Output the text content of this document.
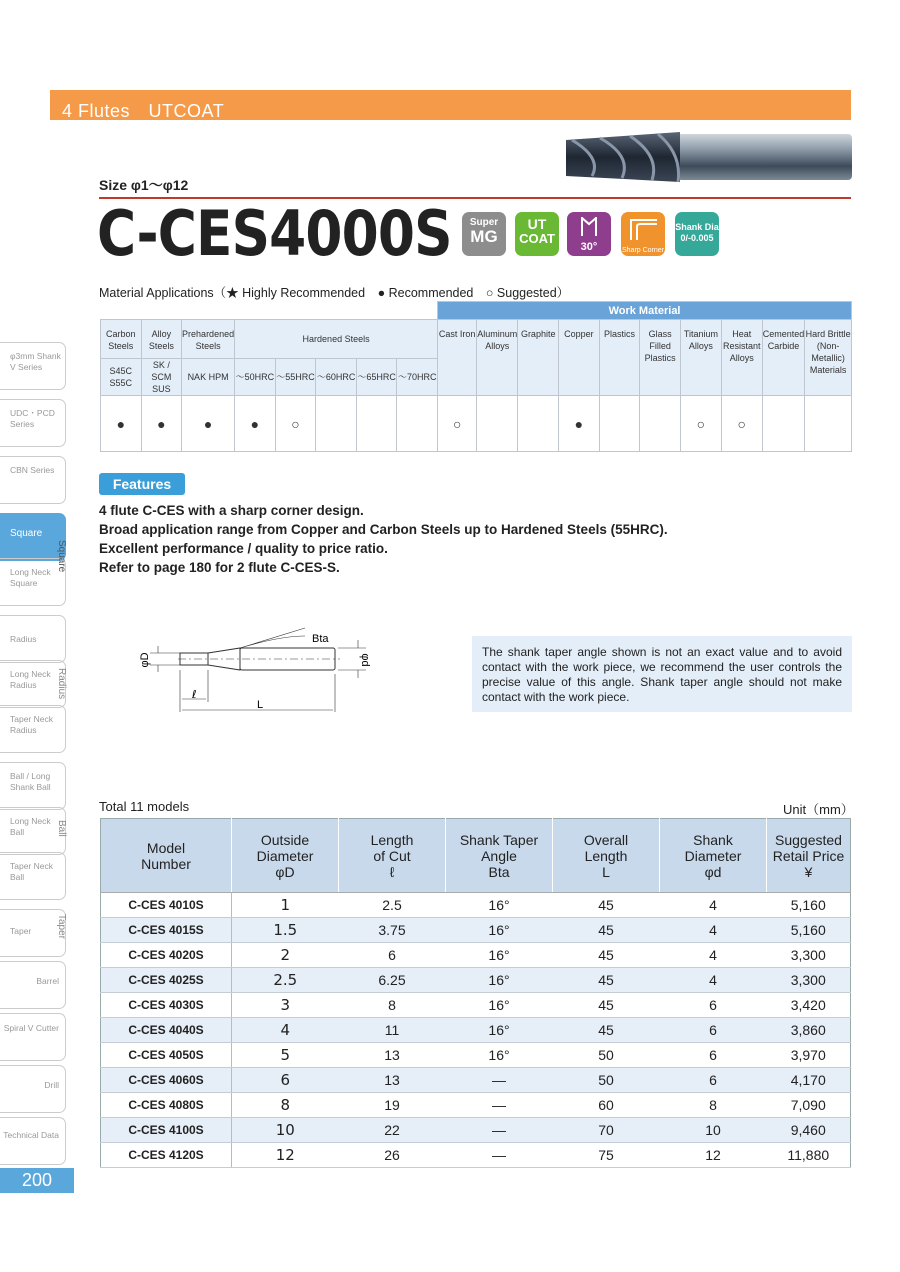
4 Flutes　UTCOAT
Size φ1～φ12
C-CES4000S	Super
MG
UT
COAT
30°	Sharp Corner
Shank Dia
0/-0.005
Material Applications（★ Highly Recommended　● Recommended　○ Suggested）
								Work Material									
Carbon Steels	Alloy Steels	Prehardened Steels	Hardened Steels					Cast Iron	Aluminum Alloys	Graphite	Copper	Plastics	Glass Filled Plastics	Titanium Alloys	Heat Resistant Alloys	Cemented Carbide	Hard Brittle (Non-Metallic) Materials
S45C S55C	SK / SCM SUS	NAK HPM	～50HRC	～55HRC	～60HRC	～65HRC	～70HRC										
●	●	●	●	○				○			●			○	○		
φ3mm Shank V Series
UDC・PCD Series
CBN Series
Square
Long Neck Square
Radius
Long Neck Radius
Taper Neck Radius
Ball / Long Shank Ball
Long Neck Ball
Taper Neck Ball
Taper
Barrel
Spiral V Cutter
Drill
Technical Data
Square
Radius
Ball
Taper
200
Features
4 flute C-CES with a sharp corner design.
Broad application range from Copper and Carbon Steels up to Hardened Steels (55HRC).
Excellent performance / quality to price ratio.
Refer to page 180 for 2 flute C-CES-S.
Bta
φD	φd
ℓ
L
The shank taper angle shown is not an exact value and to avoid contact with the work piece, we recommend the user controls the precise value of this angle. Shank taper angle should not make contact with the work piece.
Total 11 models	Unit（mm）
Model
Number	Outside
Diameter
φD	Length
of Cut
ℓ	Shank Taper
Angle
Bta	Overall
Length
L	Shank
Diameter
φd	Suggested
Retail Price
¥
C-CES 4010S	1	2.5	16°	45	4	5,160
C-CES 4015S	1.5	3.75	16°	45	4	5,160
C-CES 4020S	2	6	16°	45	4	3,300
C-CES 4025S	2.5	6.25	16°	45	4	3,300
C-CES 4030S	3	8	16°	45	6	3,420
C-CES 4040S	4	11	16°	45	6	3,860
C-CES 4050S	5	13	16°	50	6	3,970
C-CES 4060S	6	13	—	50	6	4,170
C-CES 4080S	8	19	—	60	8	7,090
C-CES 4100S	10	22	—	70	10	9,460
C-CES 4120S	12	26	—	75	12	11,880
